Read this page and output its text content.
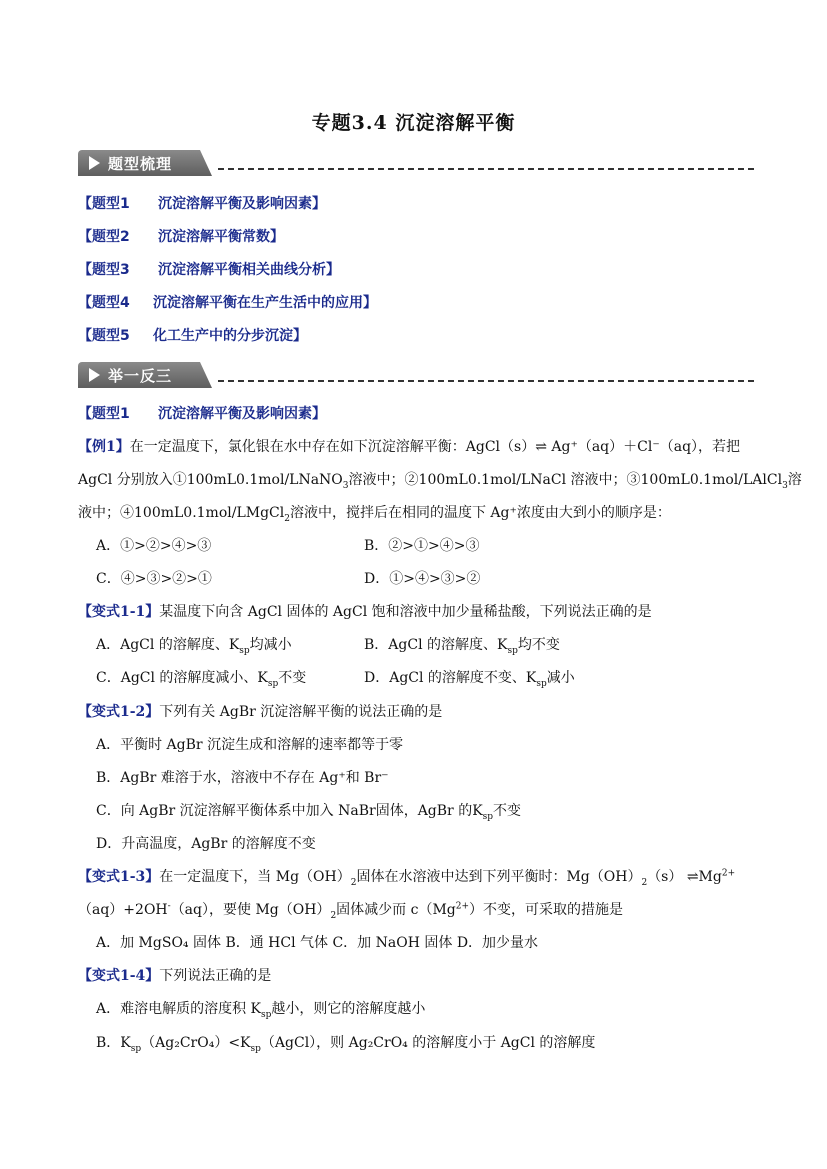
专题3.4 沉淀溶解平衡
题型梳理
【题型1 沉淀溶解平衡及影响因素】
【题型2 沉淀溶解平衡常数】
【题型3 沉淀溶解平衡相关曲线分析】
【题型4 沉淀溶解平衡在生产生活中的应用】
【题型5 化工生产中的分步沉淀】
举一反三
【题型1 沉淀溶解平衡及影响因素】
【例1】在一定温度下，氯化银在水中存在如下沉淀溶解平衡：AgCl（s）⇌ Ag⁺（aq）＋Cl⁻（aq），若把
AgCl 分别放入①100mL0.1mol/LNaNO$_3$溶液中；②100mL0.1mol/LNaCl 溶液中；③100mL0.1mol/LAlCl$_3$溶
液中；④100mL0.1mol/LMgCl$_2$溶液中，搅拌后在相同的温度下 Ag⁺浓度由大到小的顺序是：
A．①>②>④>③	B．②>①>④>③
C．④>③>②>①	D．①>④>③>②
【变式1-1】某温度下向含 AgCl 固体的 AgCl 饱和溶液中加少量稀盐酸，下列说法正确的是
A．AgCl 的溶解度、$K_{sp}$均减小	B．AgCl 的溶解度、$K_{sp}$均不变
C．AgCl 的溶解度减小、$K_{sp}$不变	D．AgCl 的溶解度不变、$K_{sp}$减小
【变式1-2】下列有关 AgBr 沉淀溶解平衡的说法正确的是
A．平衡时 AgBr 沉淀生成和溶解的速率都等于零
B．AgBr 难溶于水，溶液中不存在 Ag⁺和 Br⁻
C．向 AgBr 沉淀溶解平衡体系中加入 NaBr固体，AgBr 的$K_{sp}$不变
D．升高温度，AgBr 的溶解度不变
【变式1-3】在一定温度下，当 $Mg(OH)_2$固体在水溶液中达到下列平衡时：$Mg(OH)_2(s)$ $\rightleftharpoons Mg^{2+}$
（aq）+2OH-（aq），要使 $Mg(OH)_2$固体减少而 $c(Mg^{2+})$不变，可采取的措施是
A．加 MgSO₄ 固体 B．通 HCl 气体 C．加 NaOH 固体 D．加少量水
【变式1-4】下列说法正确的是
A．难溶电解质的溶度积 $K_{sp}$越小，则它的溶解度越小
B．$K_{sp}(Ag_2CrO_4)<K_{sp}(AgCl)$，则 Ag₂CrO₄ 的溶解度小于 AgCl 的溶解度
